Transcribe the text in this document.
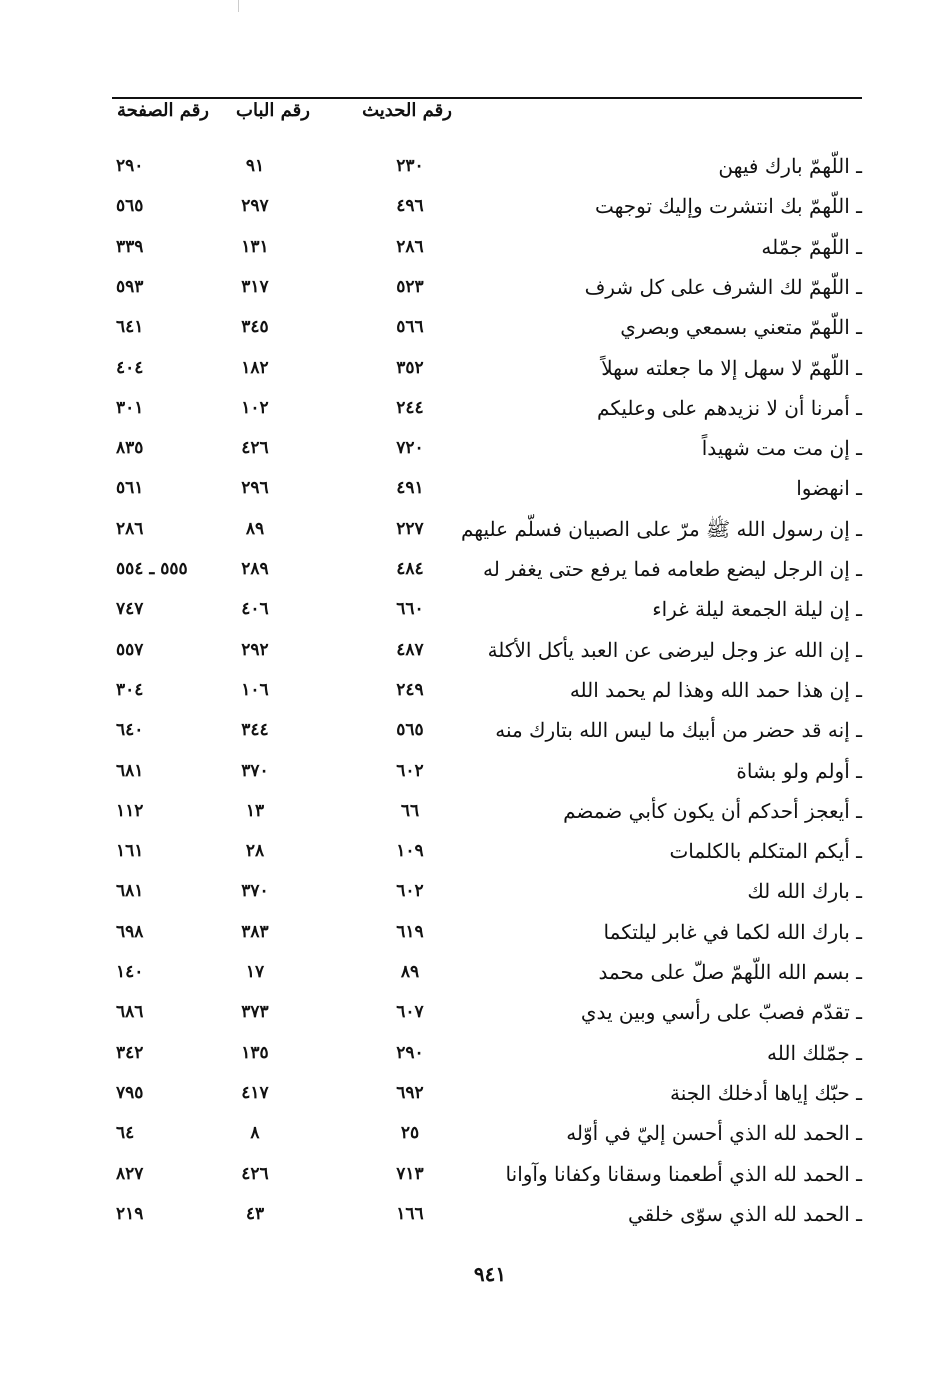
رقم الصفحة	رقم الباب	رقم الحديث
ـ اللّهمّ بارك فيهن
٢٣٠
٩١
٢٩٠
ـ اللّهمّ بك انتشرت وإليك توجهت
٤٩٦
٢٩٧
٥٦٥
ـ اللّهمّ جمّله
٢٨٦
١٣١
٣٣٩
ـ اللّهمّ لك الشرف على كل شرف
٥٢٣
٣١٧
٥٩٣
ـ اللّهمّ متعني بسمعي وبصري
٥٦٦
٣٤٥
٦٤١
ـ اللّهمّ لا سهل إلا ما جعلته سهلاً
٣٥٢
١٨٢
٤٠٤
ـ أمرنا أن لا نزيدهم على وعليكم
٢٤٤
١٠٢
٣٠١
ـ إن مت مت شهيداً
٧٢٠
٤٢٦
٨٣٥
ـ انهضوا
٤٩١
٢٩٦
٥٦١
ـ إن رسول الله ﷺ مرّ على الصبيان فسلّم عليهم
٢٢٧
٨٩
٢٨٦
ـ إن الرجل ليضع طعامه فما يرفع حتى يغفر له
٤٨٤
٢٨٩
٥٥٥ ـ ٥٥٤
ـ إن ليلة الجمعة ليلة غراء
٦٦٠
٤٠٦
٧٤٧
ـ إن الله عز وجل ليرضى عن العبد يأكل الأكلة
٤٨٧
٢٩٢
٥٥٧
ـ إن هذا حمد الله وهذا لم يحمد الله
٢٤٩
١٠٦
٣٠٤
ـ إنه قد حضر من أبيك ما ليس الله بتارك منه
٥٦٥
٣٤٤
٦٤٠
ـ أولم ولو بشاة
٦٠٢
٣٧٠
٦٨١
ـ أيعجز أحدكم أن يكون كأبي ضمضم
٦٦
١٣
١١٢
ـ أيكم المتكلم بالكلمات
١٠٩
٢٨
١٦١
ـ بارك الله لك
٦٠٢
٣٧٠
٦٨١
ـ بارك الله لكما في غابر ليلتكما
٦١٩
٣٨٣
٦٩٨
ـ بسم الله اللّهمّ صلّ على محمد
٨٩
١٧
١٤٠
ـ تقدّم فصبّ على رأسي وبين يدي
٦٠٧
٣٧٣
٦٨٦
ـ جمّلك الله
٢٩٠
١٣٥
٣٤٢
ـ حبّك إياها أدخلك الجنة
٦٩٢
٤١٧
٧٩٥
ـ الحمد لله الذي أحسن إليّ في أوّله
٢٥
٨
٦٤
ـ الحمد لله الذي أطعمنا وسقانا وكفانا وآوانا
٧١٣
٤٢٦
٨٢٧
ـ الحمد لله الذي سوّى خلقي
١٦٦
٤٣
٢١٩
٩٤١
